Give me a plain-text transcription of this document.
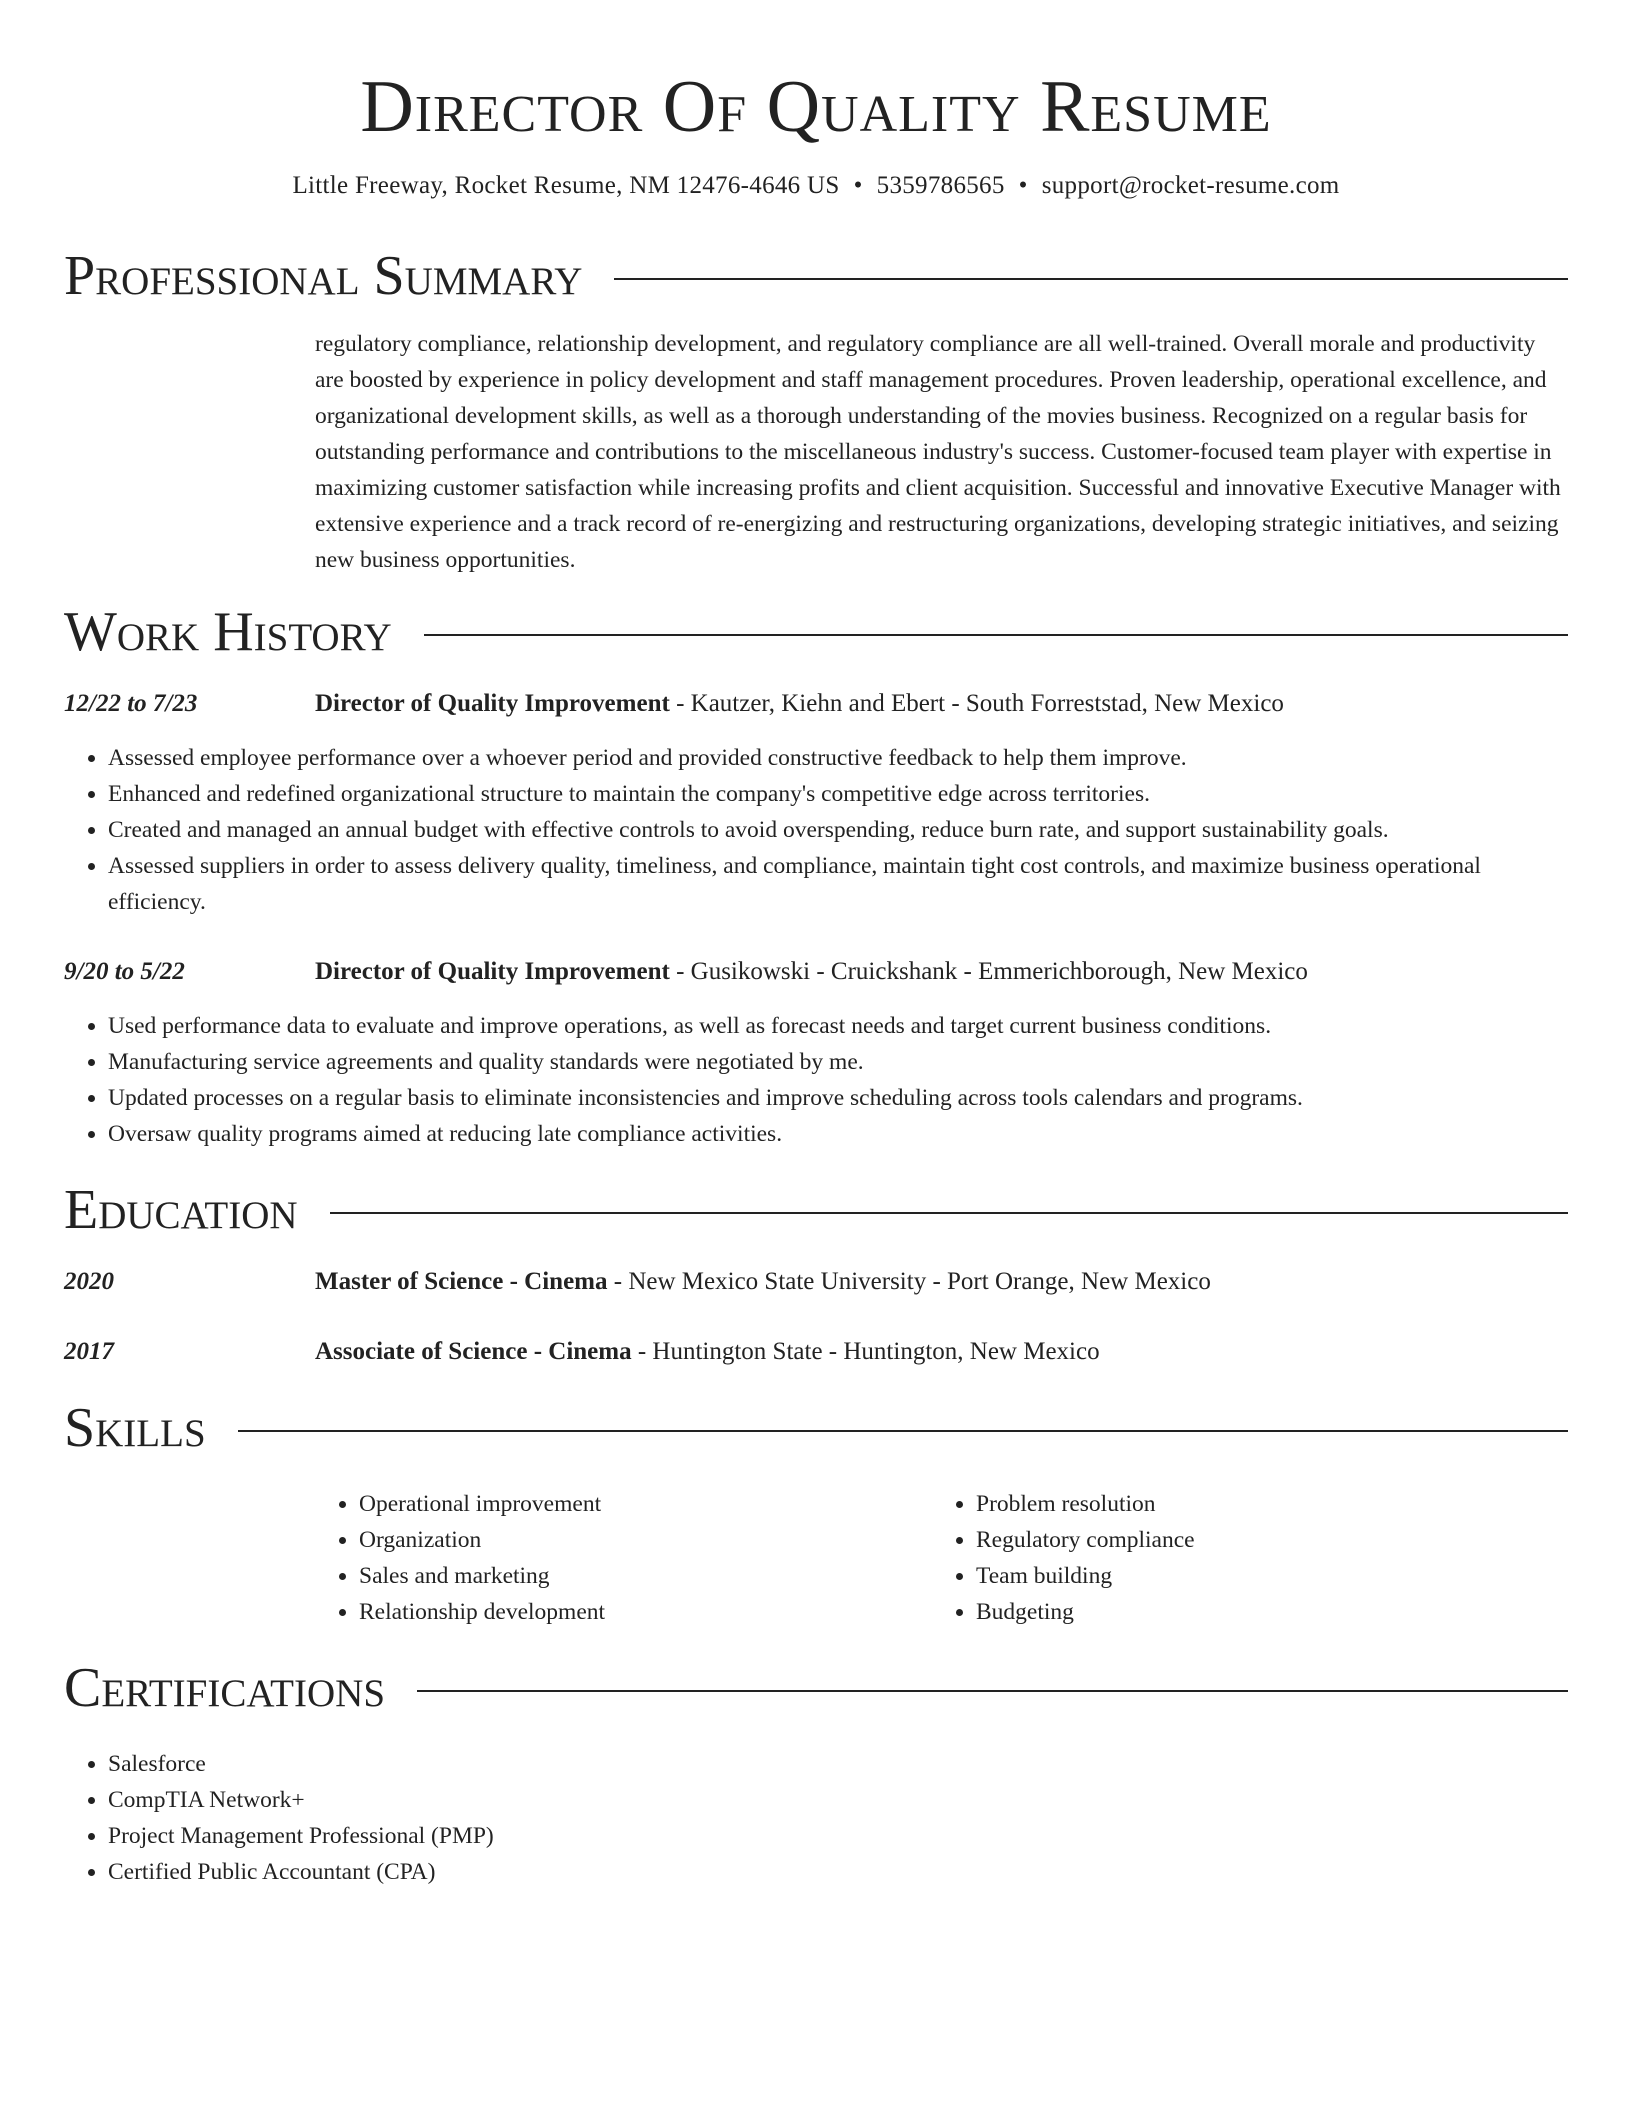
Director Of Quality Resume
Little Freeway, Rocket Resume, NM 12476-4646 US • 5359786565 • support@rocket-resume.com
Professional Summary
regulatory compliance, relationship development, and regulatory compliance are all well-trained. Overall morale and productivity are boosted by experience in policy development and staff management procedures. Proven leadership, operational excellence, and organizational development skills, as well as a thorough understanding of the movies business. Recognized on a regular basis for outstanding performance and contributions to the miscellaneous industry's success. Customer-focused team player with expertise in maximizing customer satisfaction while increasing profits and client acquisition. Successful and innovative Executive Manager with extensive experience and a track record of re-energizing and restructuring organizations, developing strategic initiatives, and seizing new business opportunities.
Work History
12/22 to 7/23	Director of Quality Improvement - Kautzer, Kiehn and Ebert - South Forreststad, New Mexico
• Assessed employee performance over a whoever period and provided constructive feedback to help them improve.
• Enhanced and redefined organizational structure to maintain the company's competitive edge across territories.
• Created and managed an annual budget with effective controls to avoid overspending, reduce burn rate, and support sustainability goals.
• Assessed suppliers in order to assess delivery quality, timeliness, and compliance, maintain tight cost controls, and maximize business operational efficiency.
9/20 to 5/22	Director of Quality Improvement - Gusikowski - Cruickshank - Emmerichborough, New Mexico
• Used performance data to evaluate and improve operations, as well as forecast needs and target current business conditions.
• Manufacturing service agreements and quality standards were negotiated by me.
• Updated processes on a regular basis to eliminate inconsistencies and improve scheduling across tools calendars and programs.
• Oversaw quality programs aimed at reducing late compliance activities.
Education
2020	Master of Science - Cinema - New Mexico State University - Port Orange, New Mexico
2017	Associate of Science - Cinema - Huntington State - Huntington, New Mexico
Skills
• Operational improvement
• Organization
• Sales and marketing
• Relationship development
• Problem resolution
• Regulatory compliance
• Team building
• Budgeting
Certifications
• Salesforce
• CompTIA Network+
• Project Management Professional (PMP)
• Certified Public Accountant (CPA)
